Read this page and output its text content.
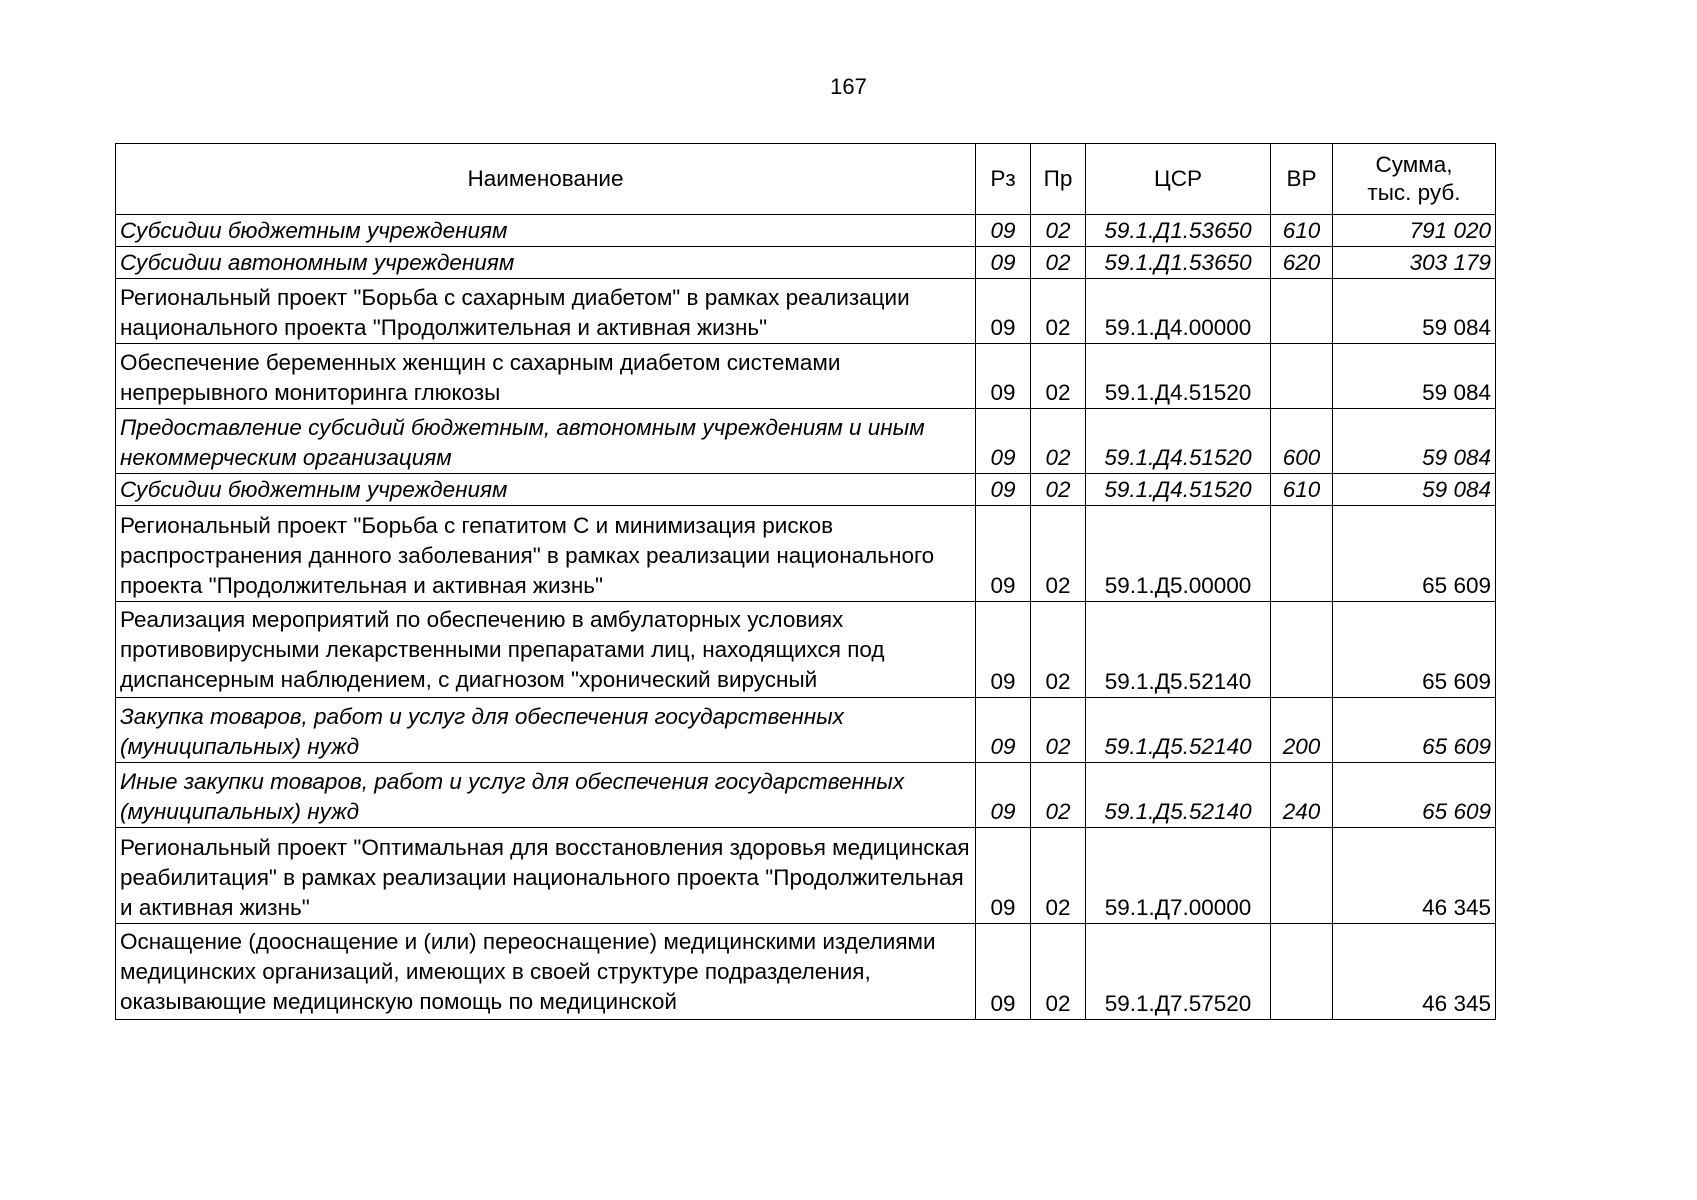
167
Наименование	Рз	Пр	ЦСР	ВР	Сумма,
тыс. руб.
Субсидии бюджетным учреждениям	09	02	59.1.Д1.53650	610	791 020
Субсидии автономным учреждениям	09	02	59.1.Д1.53650	620	303 179
Региональный проект "Борьба с сахарным диабетом" в рамках реализации национального проекта "Продолжительная и активная жизнь"	09	02	59.1.Д4.00000		59 084
Обеспечение беременных женщин с сахарным диабетом системами непрерывного мониторинга глюкозы	09	02	59.1.Д4.51520		59 084
Предоставление субсидий бюджетным, автономным учреждениям и иным некоммерческим организациям	09	02	59.1.Д4.51520	600	59 084
Субсидии бюджетным учреждениям	09	02	59.1.Д4.51520	610	59 084
Региональный проект "Борьба с гепатитом С и минимизация рисков распространения данного заболевания" в рамках реализации национального проекта "Продолжительная и активная жизнь"	09	02	59.1.Д5.00000		65 609

Реализация мероприятий по обеспечению в амбулаторных условиях противовирусными лекарственными препаратами лиц, находящихся под диспансерным наблюдением, с диагнозом "хронический вирусный	09	02	59.1.Д5.52140		65 609
Закупка товаров, работ и услуг для обеспечения государственных (муниципальных) нужд	09	02	59.1.Д5.52140	200	65 609
Иные закупки товаров, работ и услуг для обеспечения государственных (муниципальных) нужд	09	02	59.1.Д5.52140	240	65 609
Региональный проект "Оптимальная для восстановления здоровья медицинская реабилитация" в рамках реализации национального проекта "Продолжительная и активная жизнь"	09	02	59.1.Д7.00000		46 345

Оснащение (дооснащение и (или) переоснащение) медицинскими изделиями медицинских организаций, имеющих в своей структуре подразделения, оказывающие медицинскую помощь по медицинской	09	02	59.1.Д7.57520		46 345
